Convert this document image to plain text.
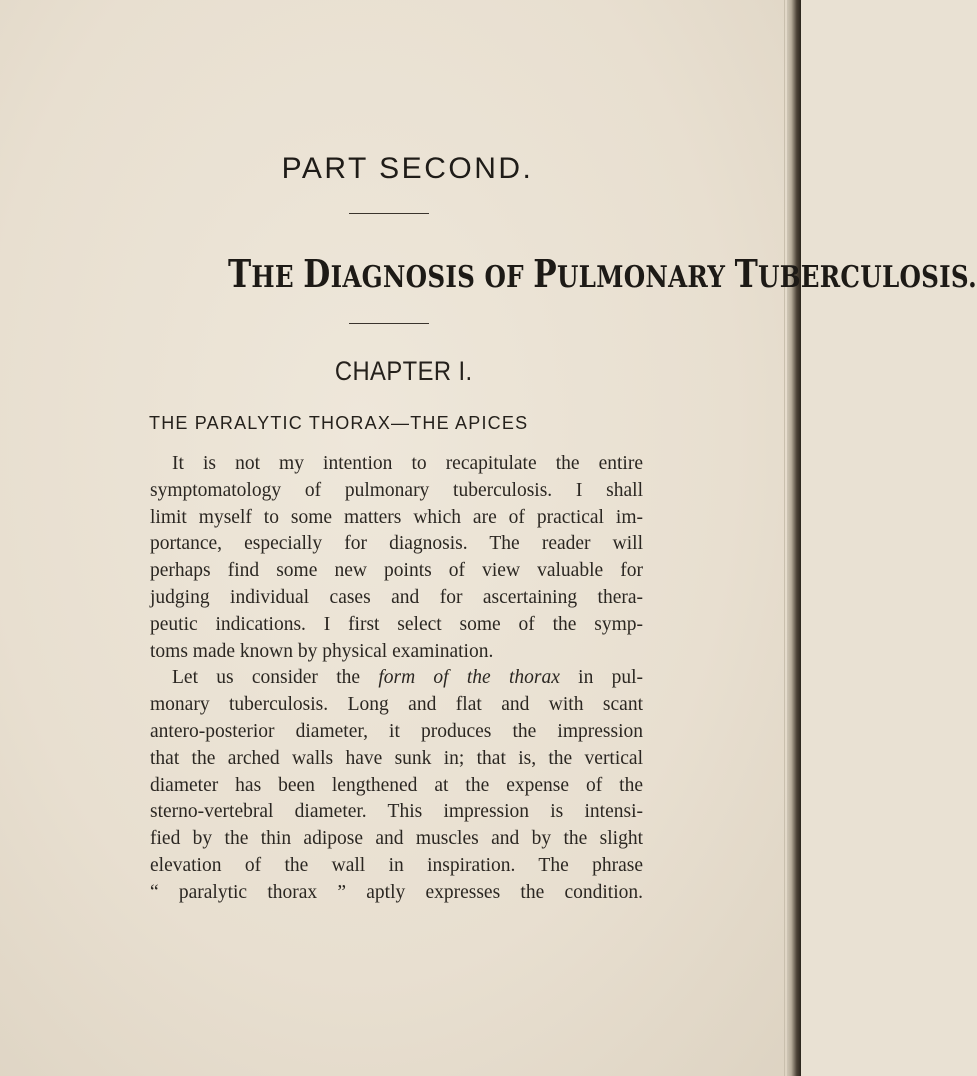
PART SECOND.
THE DIAGNOSIS OF PULMONARY TUBERCULOSIS.
CHAPTER I.
THE PARALYTIC THORAX—THE APICES
It is not my intention to recapitulate the entire
symptomatology of pulmonary tuberculosis. I shall
limit myself to some matters which are of practical im-
portance, especially for diagnosis. The reader will
perhaps find some new points of view valuable for
judging individual cases and for ascertaining thera-
peutic indications. I first select some of the symp-
toms made known by physical examination.
Let us consider the form of the thorax in pul-
monary tuberculosis. Long and flat and with scant
antero-posterior diameter, it produces the impression
that the arched walls have sunk in; that is, the vertical
diameter has been lengthened at the expense of the
sterno-vertebral diameter. This impression is intensi-
fied by the thin adipose and muscles and by the slight
elevation of the wall in inspiration. The phrase
“ paralytic thorax ” aptly expresses the condition.
